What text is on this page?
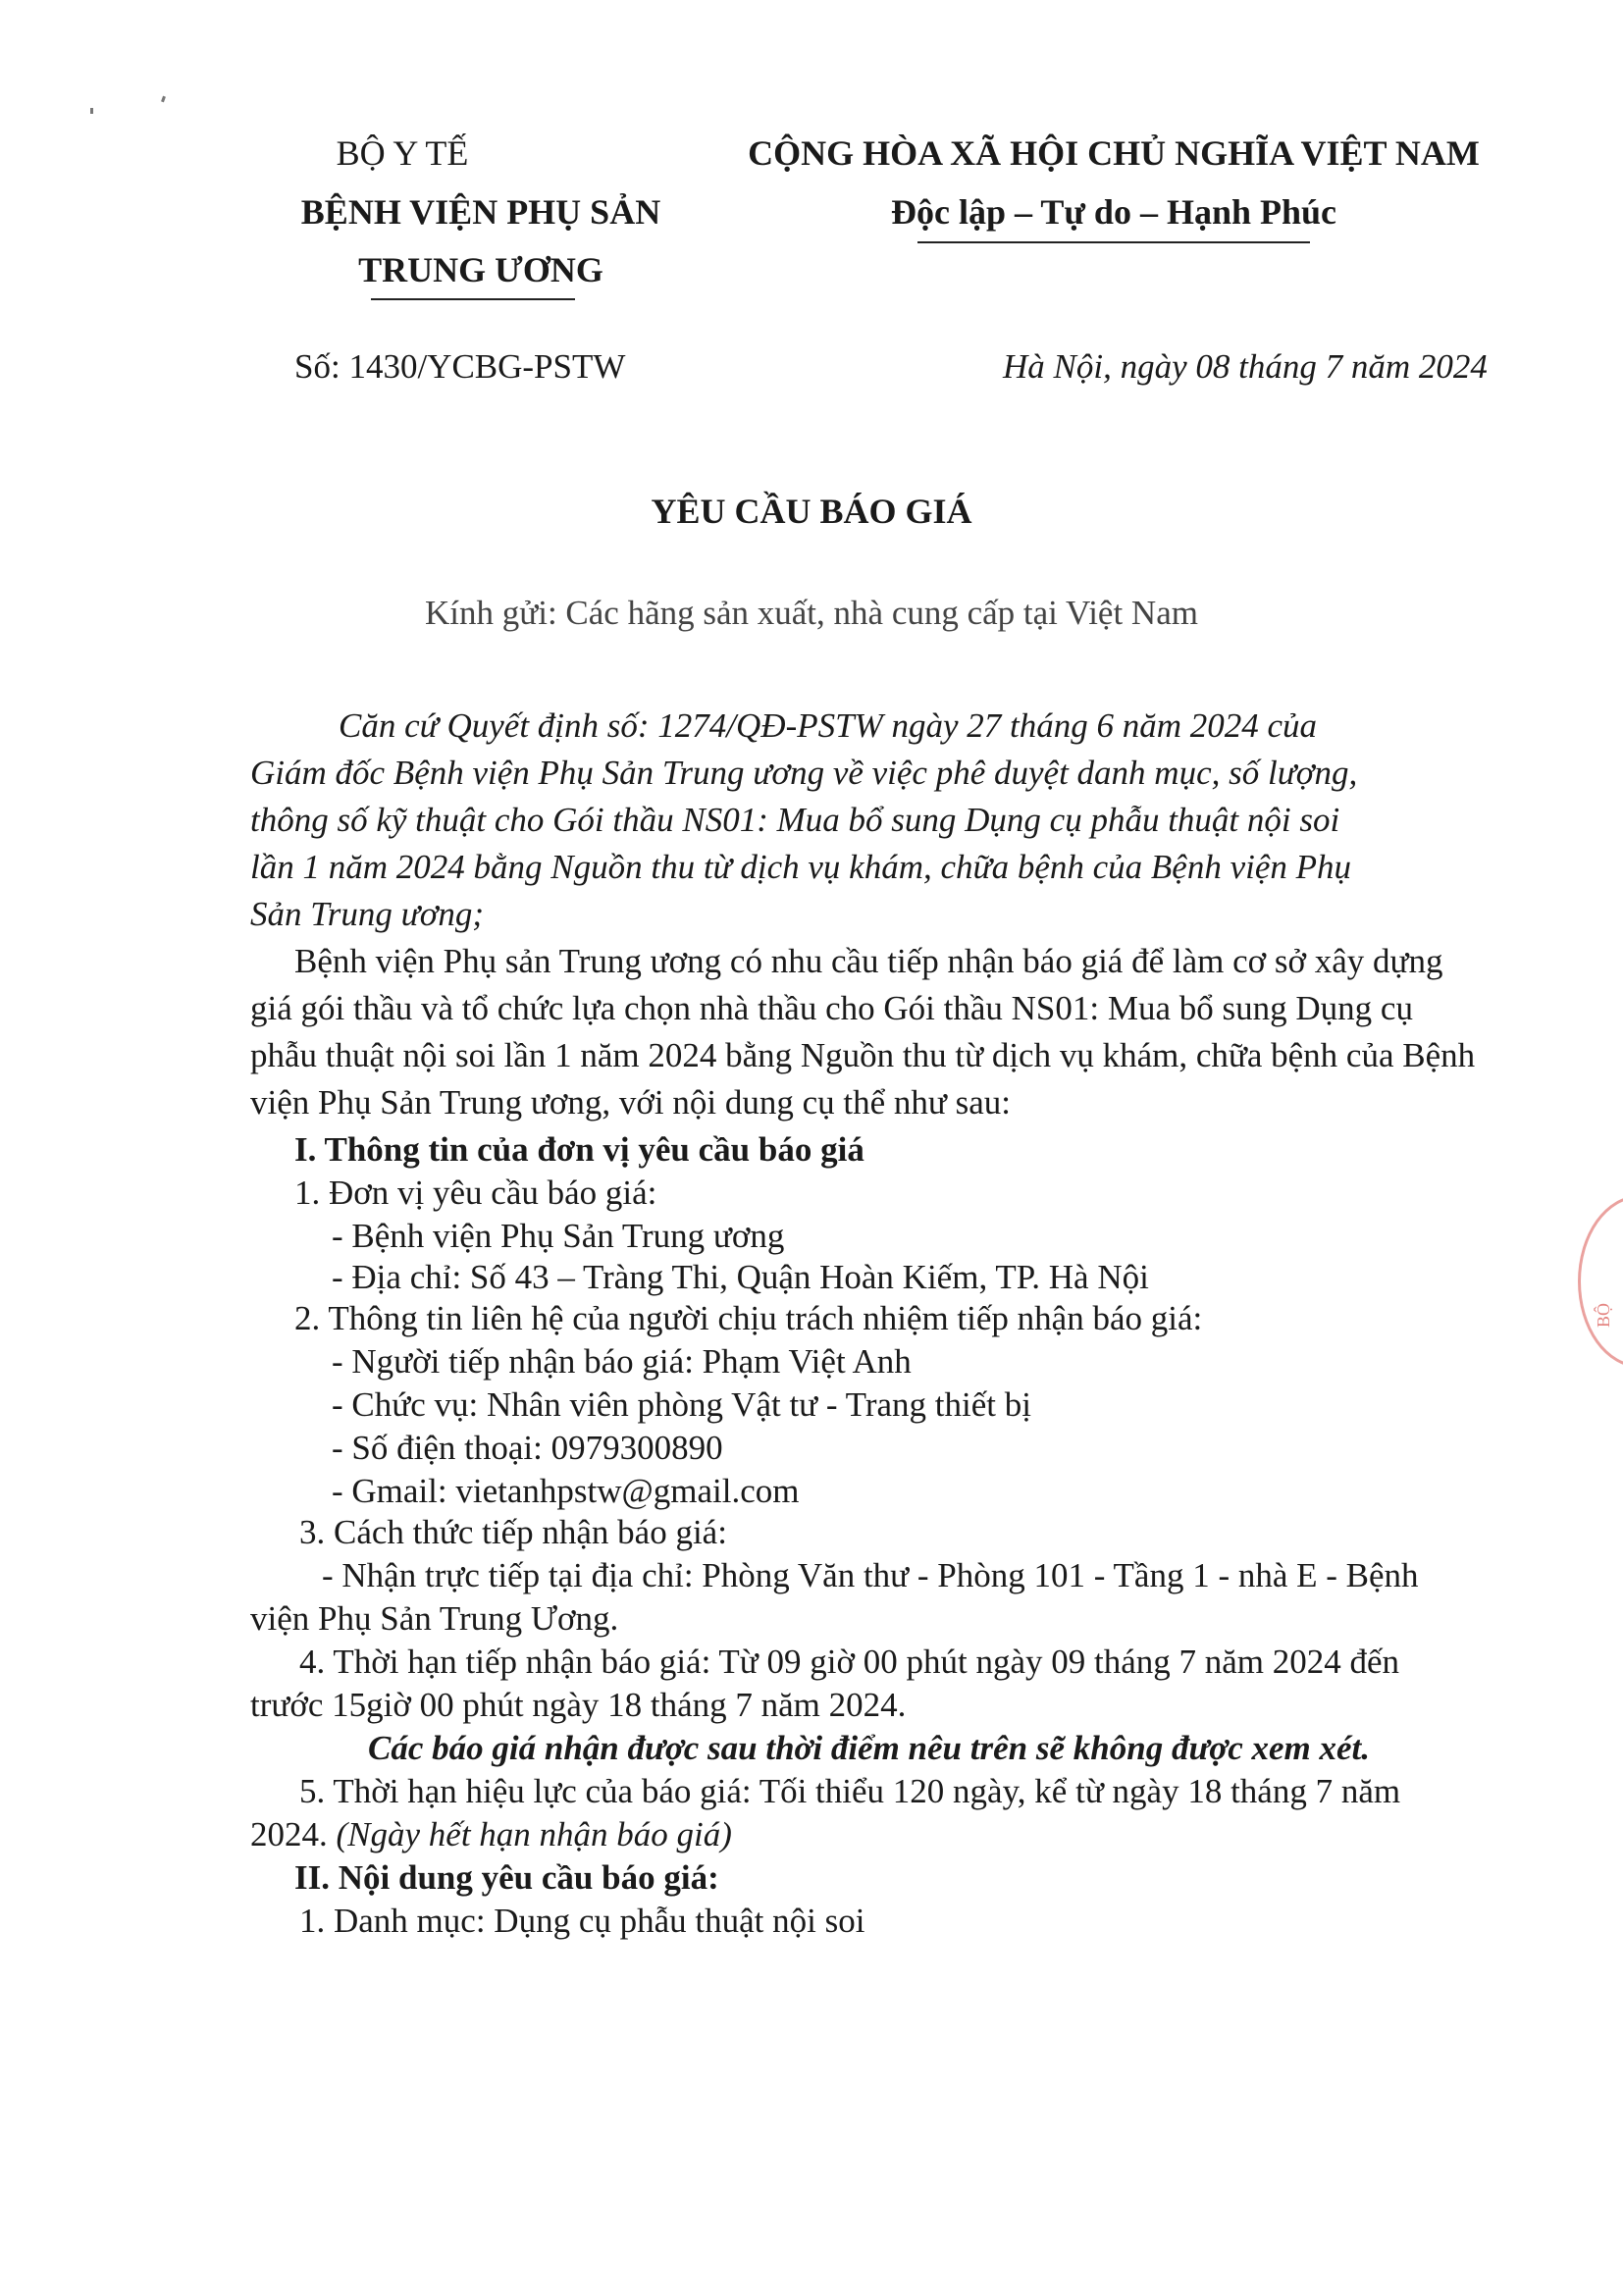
BỘ Y TẾ
BỆNH VIỆN PHỤ SẢN
TRUNG ƯƠNG
CỘNG HÒA XÃ HỘI CHỦ NGHĨA VIỆT NAM
Độc lập – Tự do – Hạnh Phúc
Số: 1430/YCBG-PSTW	Hà Nội, ngày 08 tháng 7 năm 2024
YÊU CẦU BÁO GIÁ
Kính gửi: Các hãng sản xuất, nhà cung cấp tại Việt Nam
Căn cứ Quyết định số: 1274/QĐ-PSTW ngày 27 tháng 6 năm 2024 của
Giám đốc Bệnh viện Phụ Sản Trung ương về việc phê duyệt danh mục, số lượng,
thông số kỹ thuật cho Gói thầu NS01: Mua bổ sung Dụng cụ phẫu thuật nội soi
lần 1 năm 2024 bằng Nguồn thu từ dịch vụ khám, chữa bệnh của Bệnh viện Phụ
Sản Trung ương;
Bệnh viện Phụ sản Trung ương có nhu cầu tiếp nhận báo giá để làm cơ sở xây dựng
giá gói thầu và tổ chức lựa chọn nhà thầu cho Gói thầu NS01: Mua bổ sung Dụng cụ
phẫu thuật nội soi lần 1 năm 2024 bằng Nguồn thu từ dịch vụ khám, chữa bệnh của Bệnh
viện Phụ Sản Trung ương, với nội dung cụ thể như sau:
I. Thông tin của đơn vị yêu cầu báo giá
1. Đơn vị yêu cầu báo giá:
- Bệnh viện Phụ Sản Trung ương
- Địa chỉ: Số 43 – Tràng Thi, Quận Hoàn Kiếm, TP. Hà Nội
2. Thông tin liên hệ của người chịu trách nhiệm tiếp nhận báo giá:
- Người tiếp nhận báo giá: Phạm Việt Anh
- Chức vụ: Nhân viên phòng Vật tư - Trang thiết bị
- Số điện thoại: 0979300890
- Gmail: vietanhpstw@gmail.com
3. Cách thức tiếp nhận báo giá:
- Nhận trực tiếp tại địa chỉ: Phòng Văn thư - Phòng 101 - Tầng 1 - nhà E - Bệnh
viện Phụ Sản Trung Ương.
4. Thời hạn tiếp nhận báo giá: Từ 09 giờ 00 phút ngày 09 tháng 7 năm 2024 đến
trước 15giờ 00 phút ngày 18 tháng 7 năm 2024.
Các báo giá nhận được sau thời điểm nêu trên sẽ không được xem xét.
5. Thời hạn hiệu lực của báo giá: Tối thiểu 120 ngày, kể từ ngày 18 tháng 7 năm
2024. (Ngày hết hạn nhận báo giá)
II. Nội dung yêu cầu báo giá:
1. Danh mục: Dụng cụ phẫu thuật nội soi
BỘ
